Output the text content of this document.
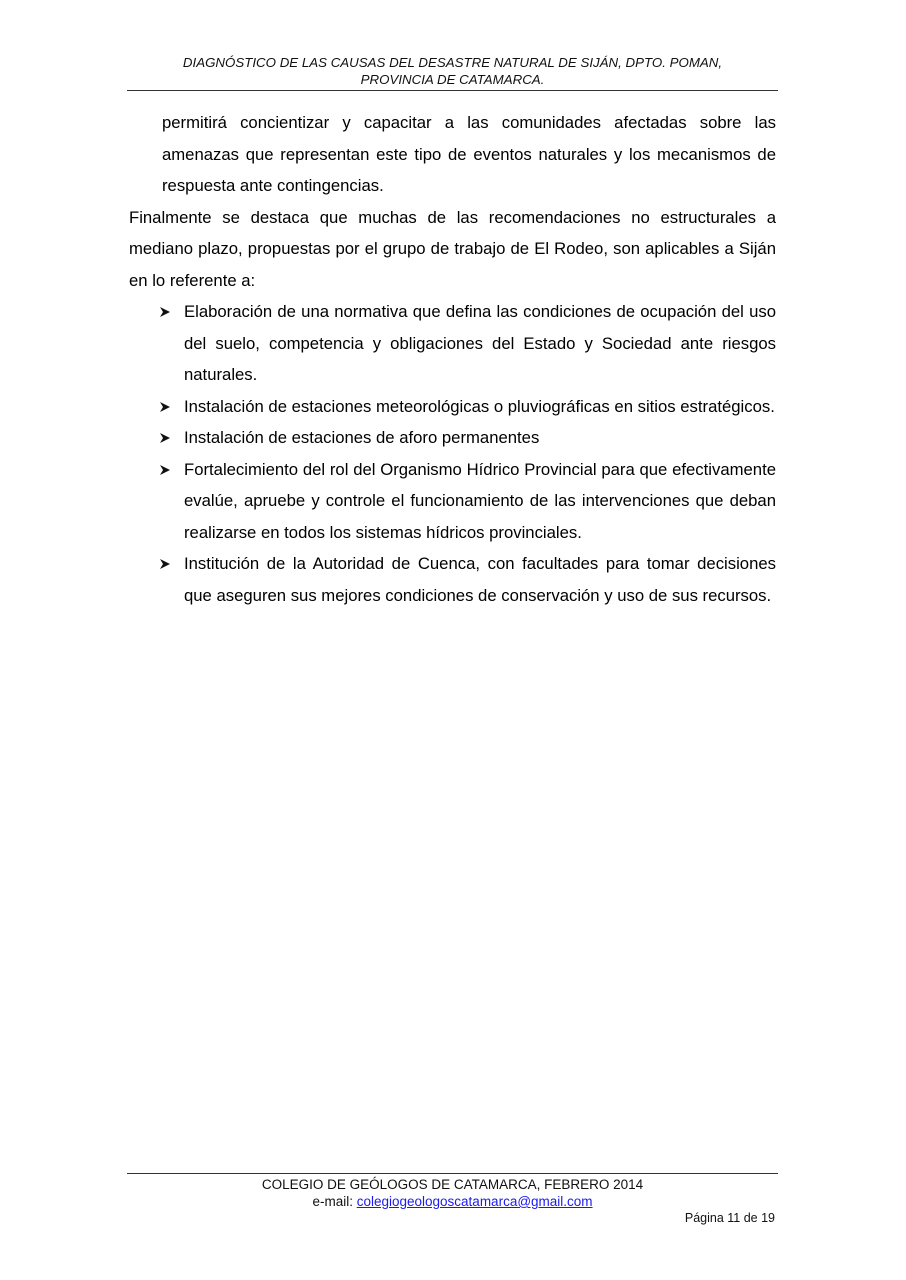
DIAGNÓSTICO DE LAS CAUSAS DEL DESASTRE NATURAL DE SIJÁN, DPTO. POMAN,
PROVINCIA DE CATAMARCA.

permitirá concientizar y capacitar a las comunidades afectadas sobre las amenazas que representan este tipo de eventos naturales y los mecanismos de respuesta ante contingencias.

Finalmente se destaca que muchas de las recomendaciones no estructurales a mediano plazo, propuestas por el grupo de trabajo de El Rodeo, son aplicables a Siján en lo referente a:

Elaboración de una normativa que defina las condiciones de ocupación del uso del suelo, competencia y obligaciones del Estado y Sociedad ante riesgos naturales.
Instalación de estaciones meteorológicas o pluviográficas en sitios estratégicos.
Instalación de estaciones de aforo permanentes
Fortalecimiento del rol del Organismo Hídrico Provincial para que efectivamente evalúe, apruebe y controle el funcionamiento de las intervenciones que deban realizarse en todos los sistemas hídricos provinciales.
Institución de la Autoridad de Cuenca, con facultades para tomar decisiones que aseguren sus mejores condiciones de conservación y uso de sus recursos.
COLEGIO DE GEÓLOGOS DE CATAMARCA, FEBRERO 2014
e-mail: colegiogeologoscatamarca@gmail.com
Página 11 de 19
